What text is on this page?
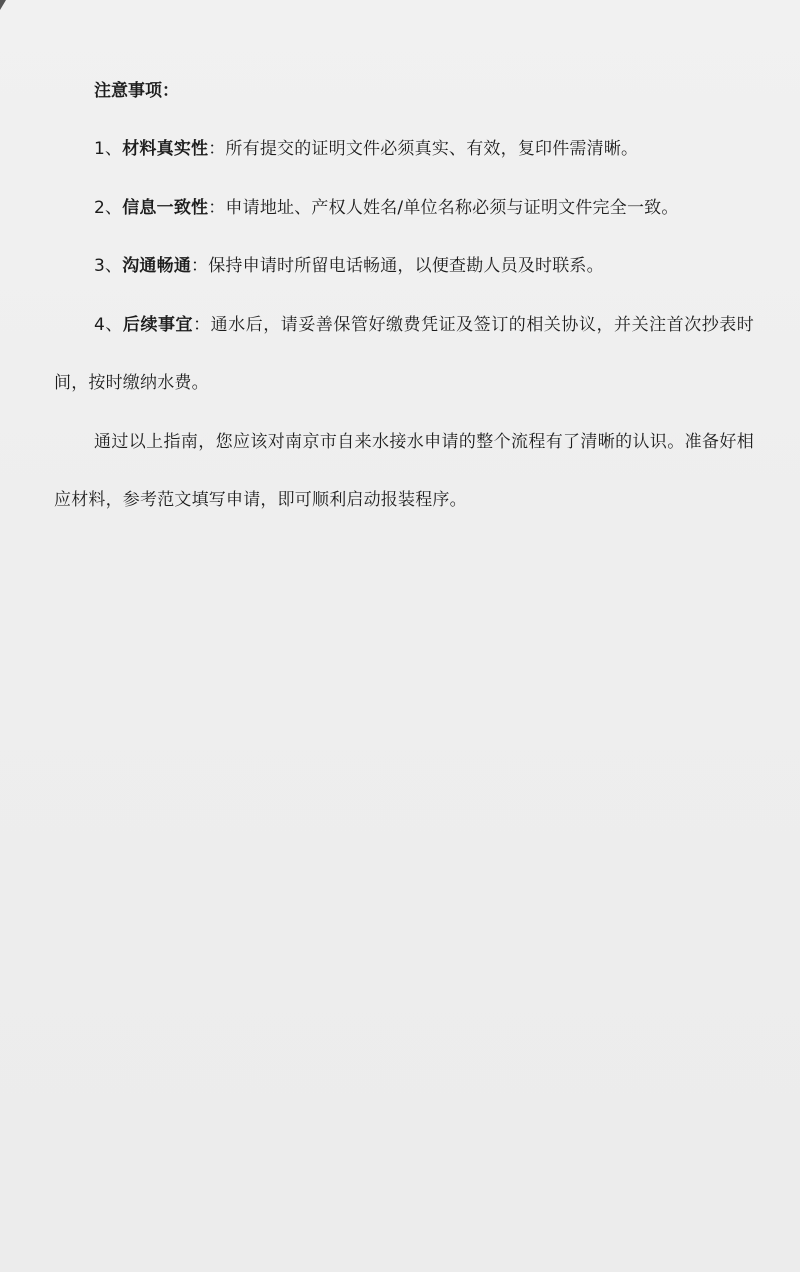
注意事项：

1、材料真实性：所有提交的证明文件必须真实、有效，复印件需清晰。

2、信息一致性：申请地址、产权人姓名/单位名称必须与证明文件完全一致。

3、沟通畅通：保持申请时所留电话畅通，以便查勘人员及时联系。

4、后续事宜：通水后，请妥善保管好缴费凭证及签订的相关协议，并关注首次抄表时间，按时缴纳水费。

通过以上指南，您应该对南京市自来水接水申请的整个流程有了清晰的认识。准备好相应材料，参考范文填写申请，即可顺利启动报装程序。
